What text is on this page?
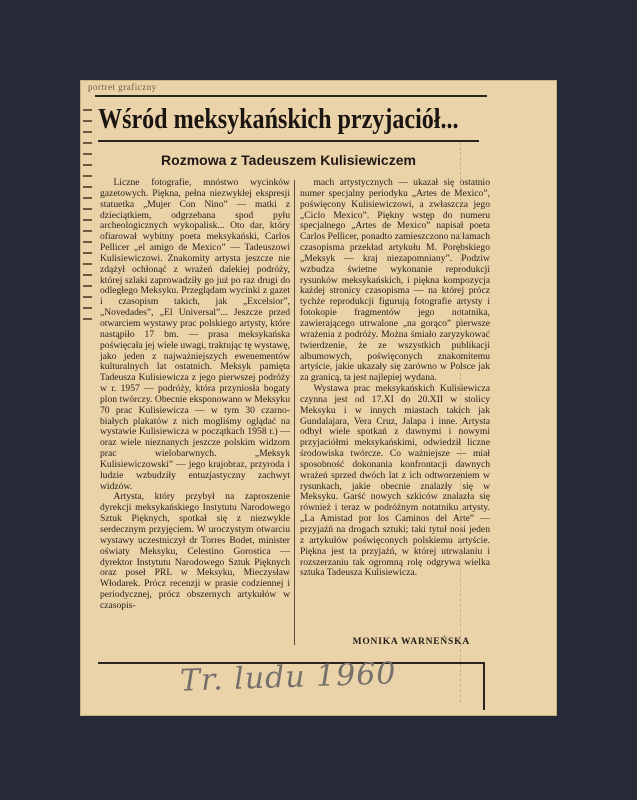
portret graficzny
Wśród meksykańskich przyjaciół...
Rozmowa z Tadeuszem Kulisiewiczem

Liczne fotografie, mnóstwo wycinków gazetowych. Piękna, pełna niezwykłej ekspresji statuetka „Mujer Con Nino” — matki z dzieciątkiem, odgrzebana spod pyłu archeologicznych wykopalisk... Oto dar, który ofiarował wybitny poeta meksykański, Carlos Pellicer „el amigo de Mexico” — Tadeuszowi Kulisiewiczowi. Znakomity artysta jeszcze nie zdążył ochłonąć z wrażeń dalekiej podróży, której szlaki zaprowadziły go już po raz drugi do odległego Meksyku. Przeglądam wycinki z gazet i czasopism takich, jak „Excelsior”, „Novedades”, „El Universal”... Jeszcze przed otwarciem wystawy prac polskiego artysty, które nastąpiło 17 bm. — prasa meksykańska poświęcała jej wiele uwagi, traktując tę wystawę, jako jeden z najważniejszych ewenementów kulturalnych lat ostatnich. Meksyk pamięta Tadeusza Kulisiewicza z jego pierwszej podróży w r. 1957 — podróży, która przyniosła bogaty plon twórczy. Obecnie eksponowano w Meksyku 70 prac Kulisiewicza — w tym 30 czarno-białych plakatów z nich mogliśmy oglądać na wystawie Kulisiewicza w początkach 1958 r.) — oraz wiele nieznanych jeszcze polskim widzom prac wielobarwnych. „Meksyk Kulisiewiczowski” — jego krajobraz, przyroda i ludzie wzbudziły entuzjastyczny zachwyt widzów.

Artysta, który przybył na zaproszenie dyrekcji meksykańskiego Instytutu Narodowego Sztuk Pięknych, spotkał się z niezwykle serdecznym przyjęciem. W uroczystym otwarciu wystawy uczestniczył dr Torres Bodet, minister oświaty Meksyku, Celestino Gorostica — dyrektor Instytutu Narodowego Sztuk Pięknych oraz poseł PRL w Meksyku, Mieczysław Włodarek. Prócz recenzji w prasie codziennej i periodycznej, prócz obszernych artykułów w czasopis-

mach artystycznych — ukazał się ostatnio numer specjalny periodyku „Artes de Mexico”, poświęcony Kulisiewiczowi, a zwłaszcza jego „Ciclo Mexico”. Piękny wstęp do numeru specjalnego „Artes de Mexico” napisał poeta Carlos Pellicer, ponadto zamieszczono na łamach czasopisma przekład artykułu M. Porębskiego „Meksyk — kraj niezapomniany”. Podziw wzbudza świetne wykonanie reprodukcji rysunków meksykańskich, i piękna kompozycja każdej stronicy czasopisma — na której prócz tychże reprodukcji figurują fotografie artysty i fotokopie fragmentów jego notatnika, zawierającego utrwalone „na gorąco” pierwsze wrażenia z podróży. Można śmiało zaryzykować twierdzenie, że ze wszystkich publikacji albumowych, poświęconych znakomitemu artyście, jakie ukazały się zarówno w Polsce jak za granicą, ta jest najlepiej wydana.

Wystawa prac meksykańskich Kulisiewicza czynna jest od 17.XI do 20.XII w stolicy Meksyku i w innych miastach takich jak Gundalajara, Vera Cruz, Jalapa i inne. Artysta odbył wiele spotkań z dawnymi i nowymi przyjaciółmi meksykańskimi, odwiedził liczne środowiska twórcze. Co ważniejsze — miał sposobność dokonania konfrontacji dawnych wrażeń sprzed dwóch lat z ich odtworzeniem w rysunkach, jakie obecnie znalazły się w Meksyku. Garść nowych szkiców znalazła się również i teraz w podróżnym notatniku artysty. „La Amistad por los Caminos del Arte” — przyjaźń na drogach sztuki; taki tytuł nosi jeden z artykułów poświęconych polskiemu artyście. Piękna jest ta przyjaźń, w której utrwalaniu i rozszerzaniu tak ogromną rolę odgrywa wielka sztuka Tadeusza Kulisiewicza.

MONIKA WARNEŃSKA
Tr. ludu 1960
